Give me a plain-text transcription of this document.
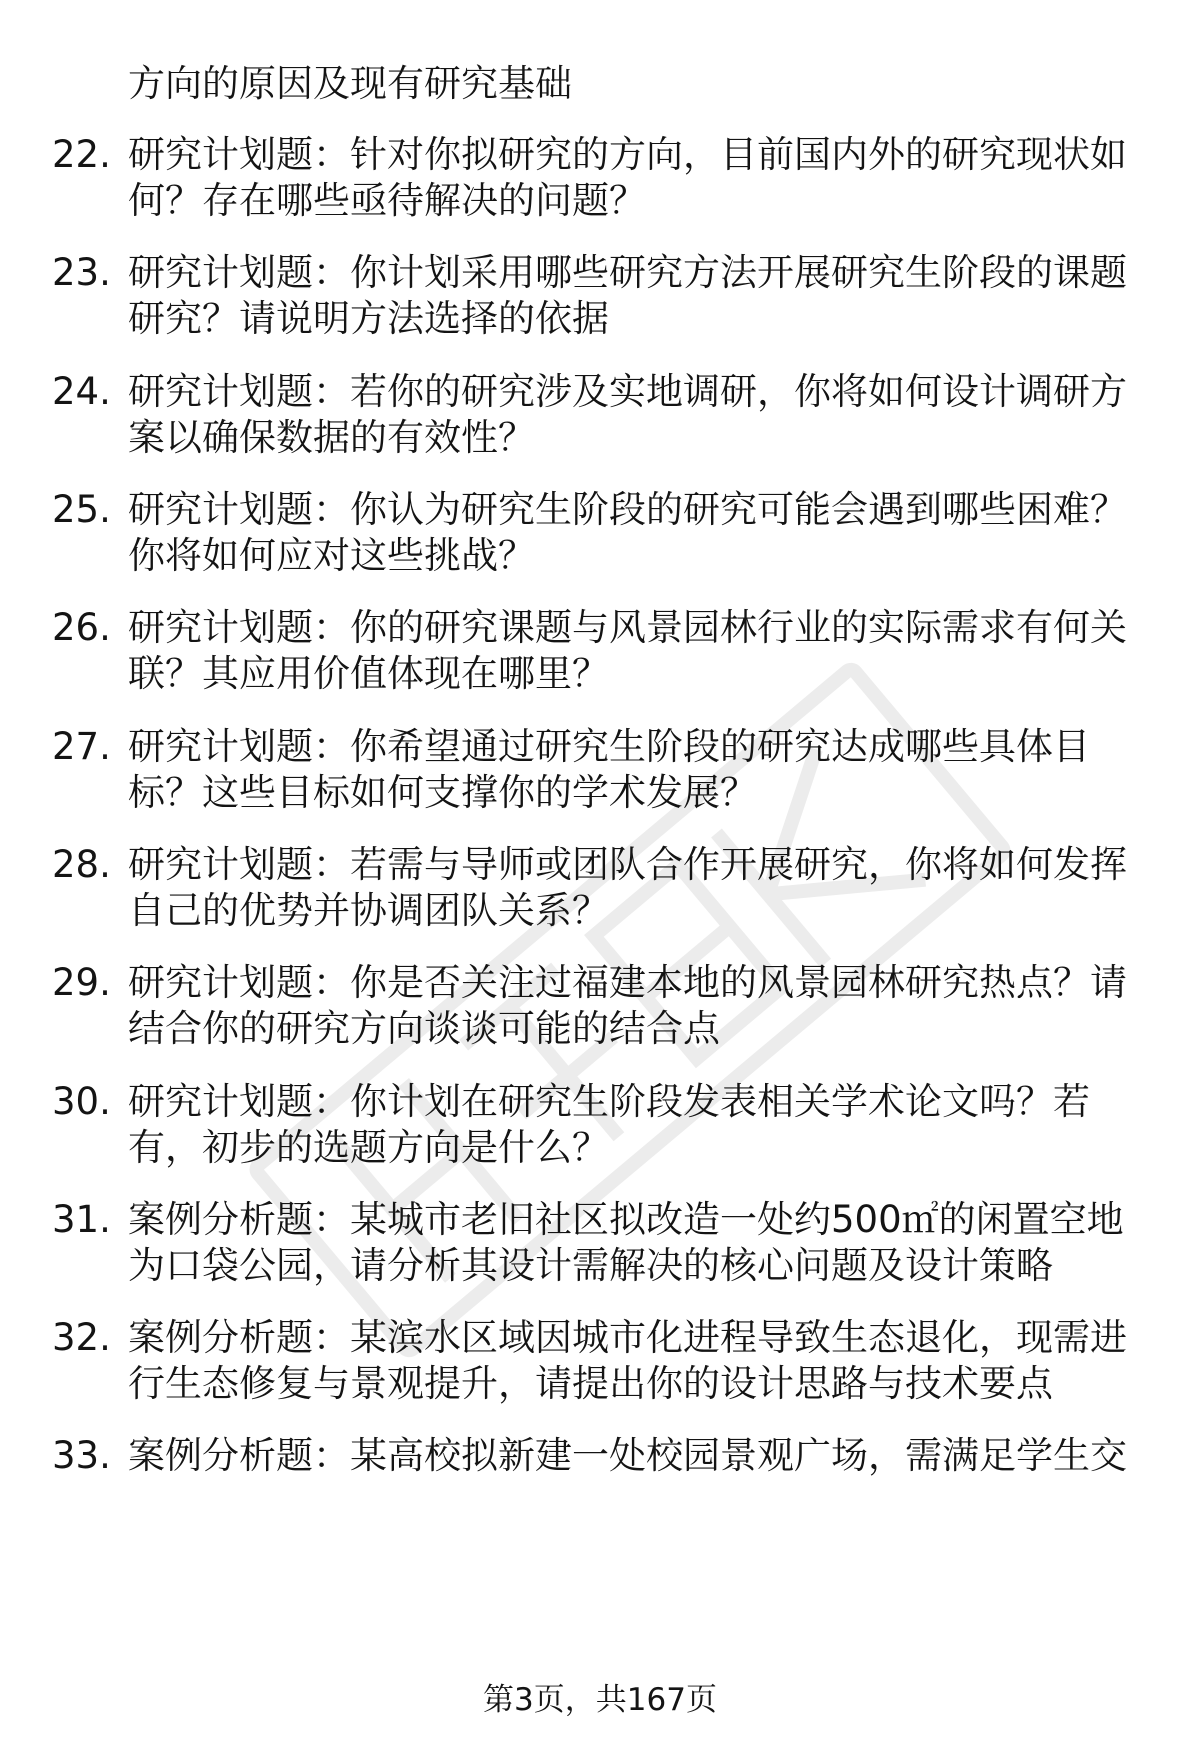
方向的原因及现有研究基础
22. 研究计划题：针对你拟研究的方向，目前国内外的研究现状如何？存在哪些亟待解决的问题？
23. 研究计划题：你计划采用哪些研究方法开展研究生阶段的课题研究？请说明方法选择的依据
24. 研究计划题：若你的研究涉及实地调研，你将如何设计调研方案以确保数据的有效性？
25. 研究计划题：你认为研究生阶段的研究可能会遇到哪些困难？你将如何应对这些挑战？
26. 研究计划题：你的研究课题与风景园林行业的实际需求有何关联？其应用价值体现在哪里？
27. 研究计划题：你希望通过研究生阶段的研究达成哪些具体目标？这些目标如何支撑你的学术发展？
28. 研究计划题：若需与导师或团队合作开展研究，你将如何发挥自己的优势并协调团队关系？
29. 研究计划题：你是否关注过福建本地的风景园林研究热点？请结合你的研究方向谈谈可能的结合点
30. 研究计划题：你计划在研究生阶段发表相关学术论文吗？若有，初步的选题方向是什么？
31. 案例分析题：某城市老旧社区拟改造一处约500㎡的闲置空地为口袋公园，请分析其设计需解决的核心问题及设计策略
32. 案例分析题：某滨水区域因城市化进程导致生态退化，现需进行生态修复与景观提升，请提出你的设计思路与技术要点
33. 案例分析题：某高校拟新建一处校园景观广场，需满足学生交
第3页，共167页
